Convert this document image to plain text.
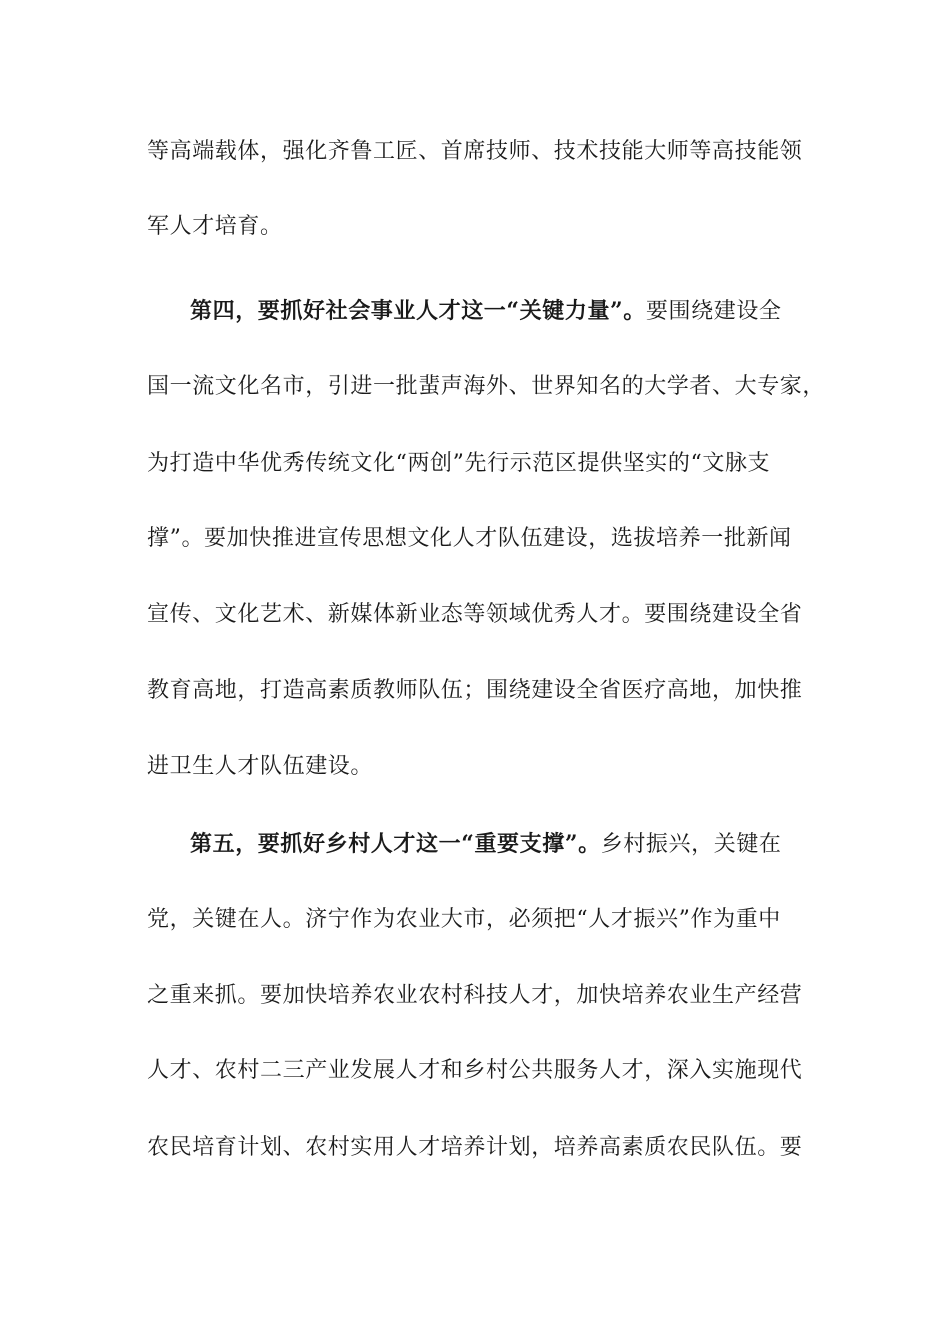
等高端载体，强化齐鲁工匠、首席技师、技术技能大师等高技能领
军人才培育。
第四，要抓好社会事业人才这一“关键力量”。要围绕建设全
国一流文化名市，引进一批蜚声海外、世界知名的大学者、大专家，
为打造中华优秀传统文化“两创”先行示范区提供坚实的“文脉支
撑”。要加快推进宣传思想文化人才队伍建设，选拔培养一批新闻
宣传、文化艺术、新媒体新业态等领域优秀人才。要围绕建设全省
教育高地，打造高素质教师队伍；围绕建设全省医疗高地，加快推
进卫生人才队伍建设。
第五，要抓好乡村人才这一“重要支撑”。乡村振兴，关键在
党，关键在人。济宁作为农业大市，必须把“人才振兴”作为重中
之重来抓。要加快培养农业农村科技人才，加快培养农业生产经营
人才、农村二三产业发展人才和乡村公共服务人才，深入实施现代
农民培育计划、农村实用人才培养计划，培养高素质农民队伍。要
